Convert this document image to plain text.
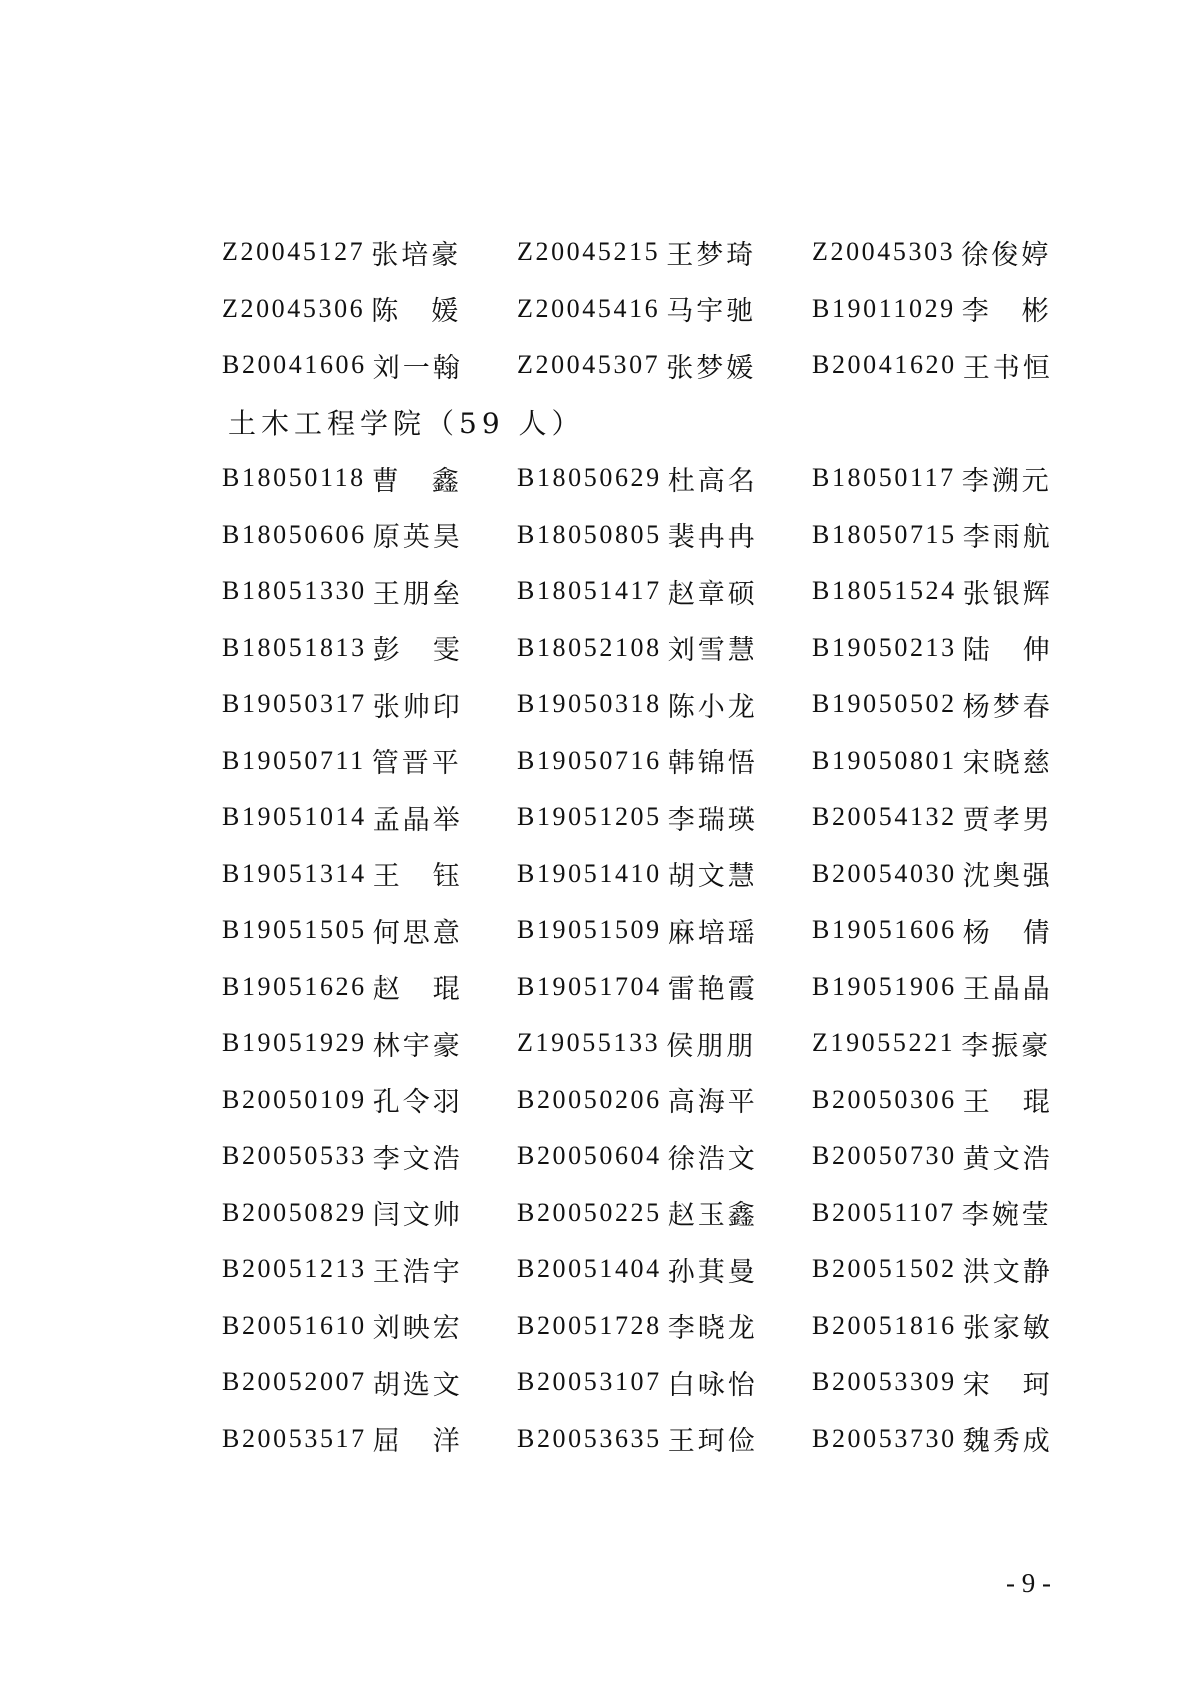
Z20045127 张培豪 Z20045215 王梦琦 Z20045303 徐俊婷
Z20045306 陈　媛 Z20045416 马宇驰 B19011029 李　彬
B20041606 刘一翰 Z20045307 张梦媛 B20041620 王书恒
土木工程学院（59 人）
B18050118 曹　鑫 B18050629 杜高名 B18050117 李溯元
B18050606 原英昊 B18050805 裴冉冉 B18050715 李雨航
B18051330 王朋垒 B18051417 赵章硕 B18051524 张银辉
B18051813 彭　雯 B18052108 刘雪慧 B19050213 陆　伸
B19050317 张帅印 B19050318 陈小龙 B19050502 杨梦春
B19050711 管晋平 B19050716 韩锦悟 B19050801 宋晓慈
B19051014 孟晶举 B19051205 李瑞瑛 B20054132 贾孝男
B19051314 王　钰 B19051410 胡文慧 B20054030 沈奥强
B19051505 何思意 B19051509 麻培瑶 B19051606 杨　倩
B19051626 赵　琨 B19051704 雷艳霞 B19051906 王晶晶
B19051929 林宇豪 Z19055133 侯朋朋 Z19055221 李振豪
B20050109 孔令羽 B20050206 高海平 B20050306 王　琨
B20050533 李文浩 B20050604 徐浩文 B20050730 黄文浩
B20050829 闫文帅 B20050225 赵玉鑫 B20051107 李婉莹
B20051213 王浩宇 B20051404 孙萁曼 B20051502 洪文静
B20051610 刘映宏 B20051728 李晓龙 B20051816 张家敏
B20052007 胡选文 B20053107 白咏怡 B20053309 宋　珂
B20053517 屈　洋 B20053635 王珂俭 B20053730 魏秀成
- 9 -
